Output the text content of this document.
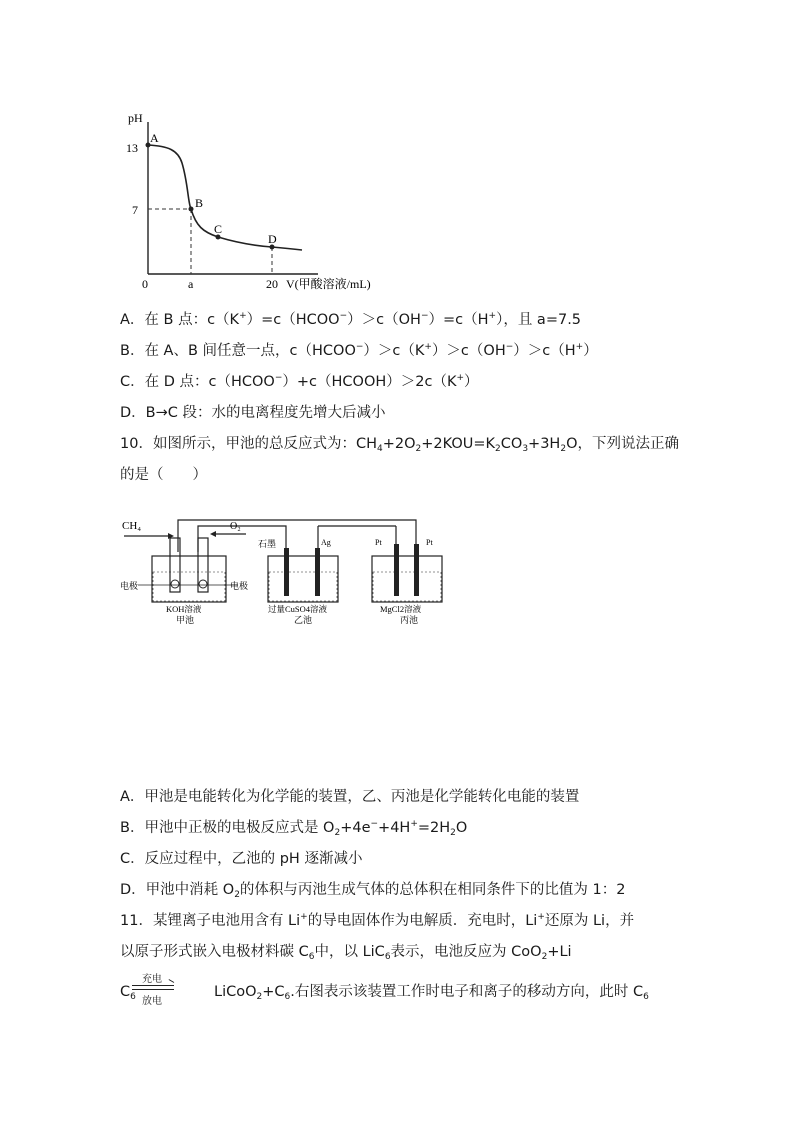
pH
13
7
0	a	20 V(甲酸溶液/mL)
A
B
C
D
A．在 B 点：c（K+）=c（HCOO−）＞c（OH−）=c（H+），且 a=7.5
B．在 A、B 间任意一点，c（HCOO−）＞c（K+）＞c（OH−）＞c（H+）
C．在 D 点：c（HCOO−）+c（HCOOH）＞2c（K+）
D．B→C 段：水的电离程度先增大后减小
10．如图所示，甲池的总反应式为：$CH_4+2O_2+2KOU=K_2CO_3+3H_2O$，下列说法正确
的是（　　）
CH₄	O₂
电极	电极
KOH溶液
甲池
石墨	Ag
过量CuSO4溶液
乙池
Pt	Pt
MgCl2溶液
丙池
A．甲池是电能转化为化学能的装置，乙、丙池是化学能转化电能的装置
B．甲池中正极的电极反应式是 $O_2+4e^-+4H^+=2H_2O$
C．反应过程中，乙池的 pH 逐渐减小
D．甲池中消耗 $O_2$的体积与丙池生成气体的总体积在相同条件下的比值为 1：2
11．某锂离子电池用含有 Li+的导电固体作为电解质．充电时，Li+还原为 Li，并
以原子形式嵌入电极材料碳 $C_6$中，以 LiC$_6$表示，电池反应为 CoO$_2$+Li
$C_6$
充电
放电
$LiCoO_2+C_6$.右图表示该装置工作时电子和离子的移动方向，此时 $C_6$
